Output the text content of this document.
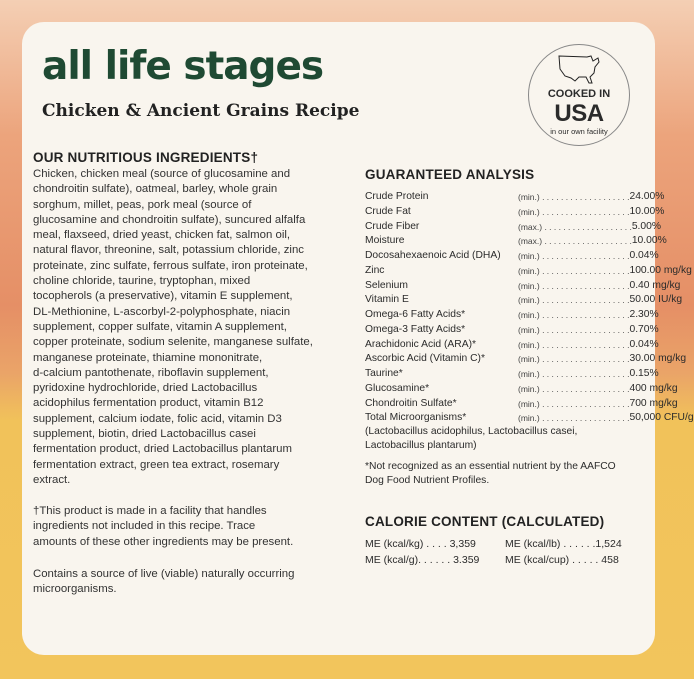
all life stages
Chicken & Ancient Grains Recipe
COOKED IN
USA
in our own facility
OUR NUTRITIOUS INGREDIENTS†
Chicken, chicken meal (source of glucosamine and
chondroitin sulfate), oatmeal, barley, whole grain
sorghum, millet, peas, pork meal (source of
glucosamine and chondroitin sulfate), suncured alfalfa
meal, flaxseed, dried yeast, chicken fat, salmon oil,
natural flavor, threonine, salt, potassium chloride, zinc
proteinate, zinc sulfate, ferrous sulfate, iron proteinate,
choline chloride, taurine, tryptophan, mixed
tocopherols (a preservative), vitamin E supplement,
DL-Methionine, L-ascorbyl-2-polyphosphate, niacin
supplement, copper sulfate, vitamin A supplement,
copper proteinate, sodium selenite, manganese sulfate,
manganese proteinate, thiamine mononitrate,
d-calcium pantothenate, riboflavin supplement,
pyridoxine hydrochloride, dried Lactobacillus
acidophilus fermentation product, vitamin B12
supplement, calcium iodate, folic acid, vitamin D3
supplement, biotin, dried Lactobacillus casei
fermentation product, dried Lactobacillus plantarum
fermentation extract, green tea extract, rosemary
extract.
†This product is made in a facility that handles
ingredients not included in this recipe. Trace
amounts of these other ingredients may be present.
Contains a source of live (viable) naturally occurring
microorganisms.
GUARANTEED ANALYSIS
Crude Protein	(min.) . . . . . . . . . . . . . . . . . . . 24.00%
Crude Fat	(min.) . . . . . . . . . . . . . . . . . . . 10.00%
Crude Fiber	(max.) . . . . . . . . . . . . . . . . . . . 5.00%
Moisture	(max.) . . . . . . . . . . . . . . . . . . . 10.00%
Docosahexaenoic Acid (DHA)	(min.) . . . . . . . . . . . . . . . . . . . 0.04%
Zinc	(min.) . . . . . . . . . . . . . . . . . . . 100.00 mg/kg
Selenium	(min.) . . . . . . . . . . . . . . . . . . . 0.40 mg/kg
Vitamin E	(min.) . . . . . . . . . . . . . . . . . . . 50.00 IU/kg
Omega-6 Fatty Acids*	(min.) . . . . . . . . . . . . . . . . . . . 2.30%
Omega-3 Fatty Acids*	(min.) . . . . . . . . . . . . . . . . . . . 0.70%
Arachidonic Acid (ARA)*	(min.) . . . . . . . . . . . . . . . . . . . 0.04%
Ascorbic Acid (Vitamin C)*	(min.) . . . . . . . . . . . . . . . . . . . 30.00 mg/kg
Taurine*	(min.) . . . . . . . . . . . . . . . . . . . 0.15%
Glucosamine*	(min.) . . . . . . . . . . . . . . . . . . . 400 mg/kg
Chondroitin Sulfate*	(min.) . . . . . . . . . . . . . . . . . . . 700 mg/kg
Total Microorganisms*	(min.) . . . . . . . . . . . . . . . . . . . 50,000 CFU/g
(Lactobacillus acidophilus, Lactobacillus casei,
Lactobacillus plantarum)
*Not recognized as an essential nutrient by the AAFCO
Dog Food Nutrient Profiles.
CALORIE CONTENT (CALCULATED)
ME (kcal/kg) . . . . 3,359	ME (kcal/lb) . . . . . .1,524
ME (kcal/g). . . . . . 3.359	ME (kcal/cup) . . . . . 458
